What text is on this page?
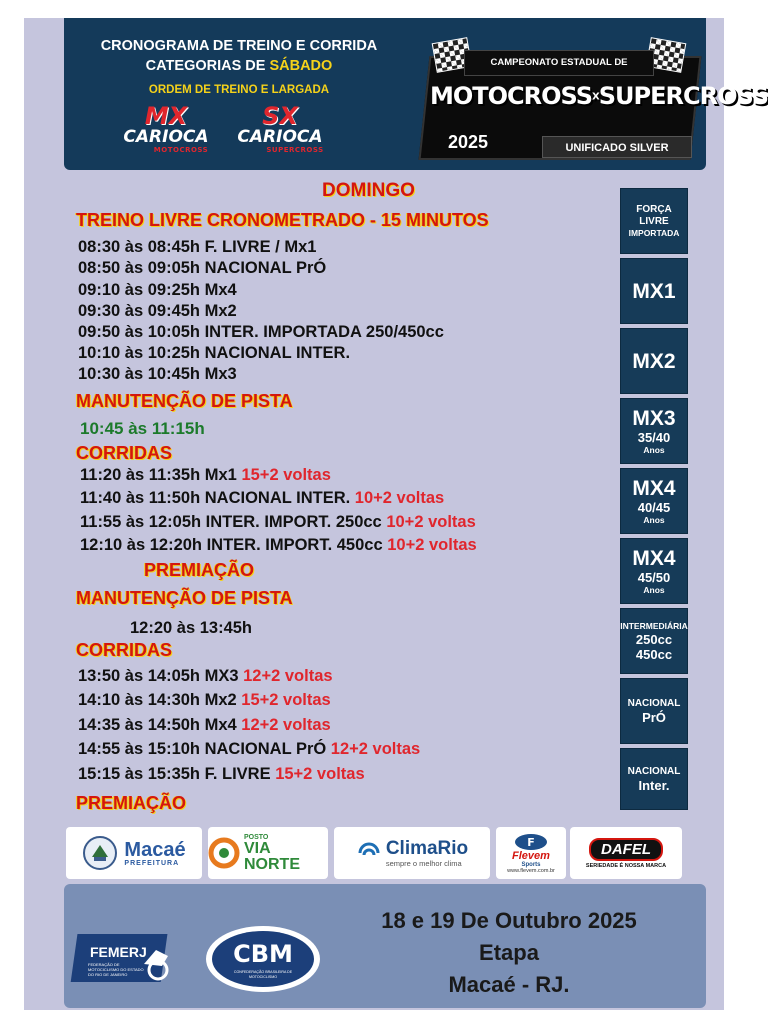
CRONOGRAMA DE TREINO E CORRIDA
CATEGORIAS DE SÁBADO
ORDEM DE TREINO E LARGADA
MX
CARIOCA
MOTOCROSS
SX
CARIOCA
SUPERCROSS
CAMPEONATO ESTADUAL DE
MOTOCROSSXSUPERCROSS
2025	UNIFICADO SILVER
DOMINGO
TREINO LIVRE CRONOMETRADO - 15 MINUTOS
08:30 às 08:45h F. LIVRE / Mx1
08:50 às 09:05h NACIONAL PrÓ
09:10 às 09:25h Mx4
09:30 às 09:45h Mx2
09:50 às 10:05h INTER. IMPORTADA 250/450cc
10:10 às 10:25h NACIONAL INTER.
10:30 às 10:45h Mx3
MANUTENÇÃO DE PISTA
10:45 às 11:15h
CORRIDAS
11:20 às 11:35h Mx1 15+2 voltas
11:40 às 11:50h NACIONAL INTER. 10+2 voltas
11:55 às 12:05h INTER. IMPORT. 250cc 10+2 voltas
12:10 às 12:20h INTER. IMPORT. 450cc 10+2 voltas
PREMIAÇÃO
MANUTENÇÃO DE PISTA
12:20 às 13:45h
CORRIDAS
13:50 às 14:05h MX3 12+2 voltas
14:10 às 14:30h Mx2 15+2 voltas
14:35 às 14:50h Mx4 12+2 voltas
14:55 às 15:10h NACIONAL PrÓ 12+2 voltas
15:15 às 15:35h F. LIVRE 15+2 voltas
PREMIAÇÃO
FORÇA
LIVRE
IMPORTADA
MX1
MX2
MX3
35/40
Anos
MX4
40/45
Anos
MX4
45/50
Anos
INTERMEDIÁRIA
250cc
450cc
NACIONAL
PrÓ
NACIONAL
Inter.
Macaé
PREFEITURA
POSTO
VIA NORTE
ClimaRio
sempre o melhor clima
F
Flevem
Sports
www.flevem.com.br
DAFEL
SERIEDADE É NOSSA MARCA
FEMERJ
FEDERAÇÃO DE MOTOCICLISMO DO ESTADO DO RIO DE JANEIRO
CBM
CONFEDERAÇÃO BRASILEIRA DE MOTOCICLISMO
18 e 19 De Outubro 2025
Etapa
Macaé - RJ.
